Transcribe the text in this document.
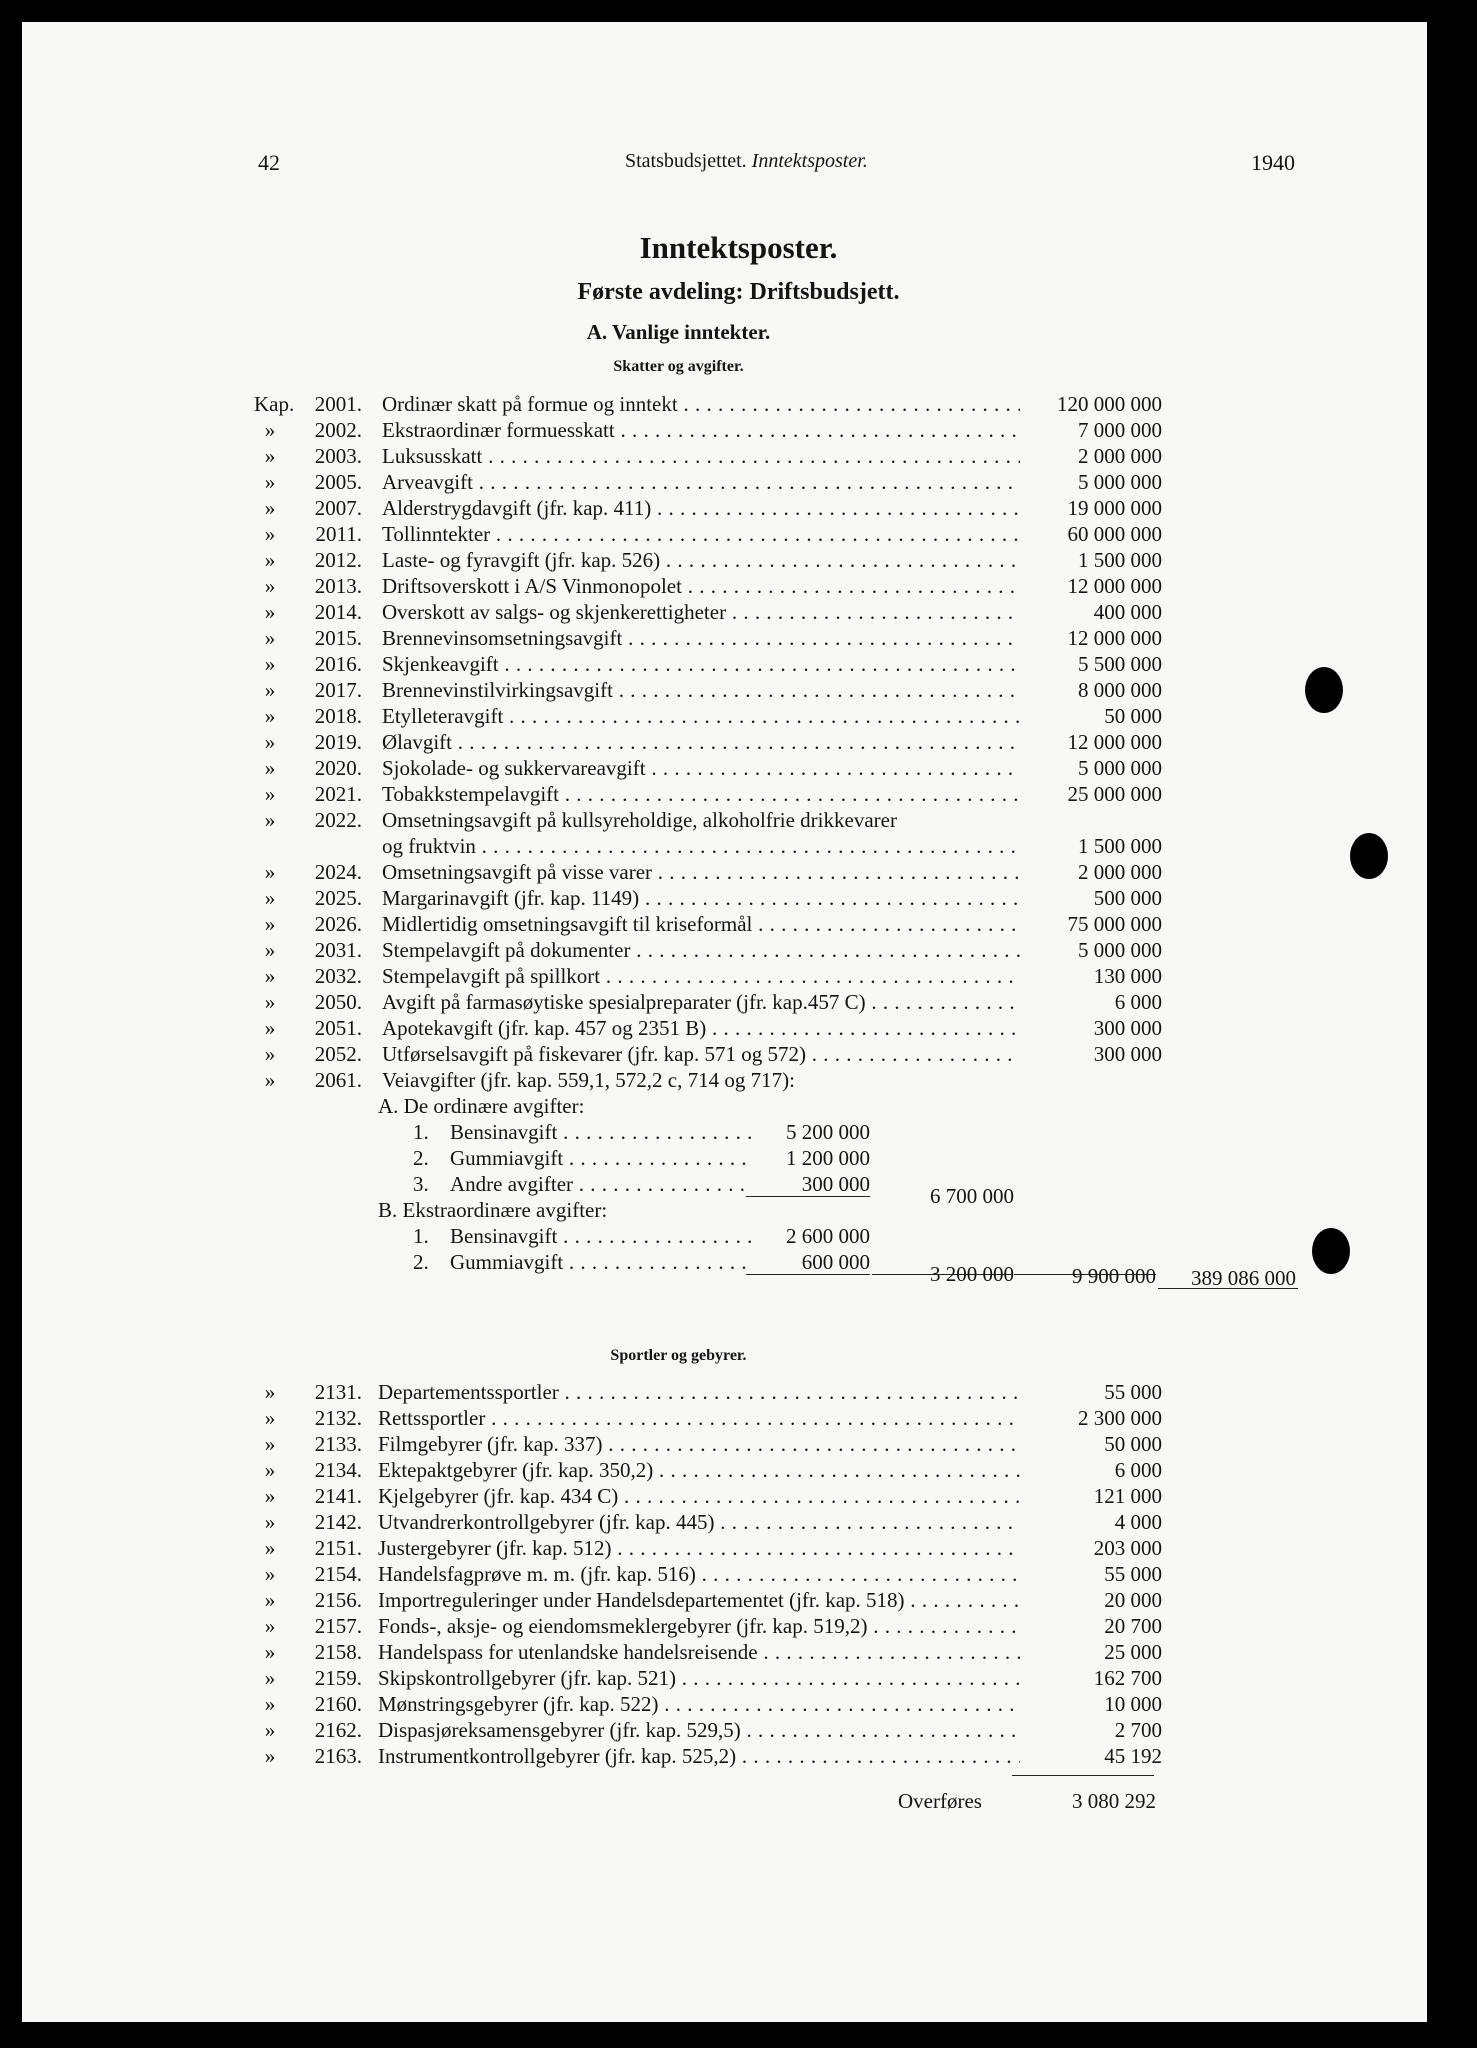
42	Statsbudsjettet. Inntektsposter.	1940
Inntektsposter.
Første avdeling: Driftsbudsjett.
A. Vanlige inntekter.
Skatter og avgifter.
Kap. 2001. Ordinær skatt på formue og inntekt . . .	120 000 000
»	2002. Ekstraordinær formuesskatt . . .	7 000 000
»	2003. Luksusskatt . . .	2 000 000
»	2005. Arveavgift . . .	5 000 000
»	2007. Alderstrygdavgift (jfr. kap. 411) . . .	19 000 000
»	2011. Tollinntekter . . .	60 000 000
»	2012. Laste- og fyravgift (jfr. kap. 526) . . .	1 500 000
»	2013. Driftsoverskott i A/S Vinmonopolet . . .	12 000 000
»	2014. Overskott av salgs- og skjenkerettigheter . . .	400 000
»	2015. Brennevinsomsetningsavgift . . .	12 000 000
»	2016. Skjenkeavgift . . .	5 500 000
»	2017. Brennevinstilvirkingsavgift . . .	8 000 000
»	2018. Etylleteravgift . . .	50 000
»	2019. Ølavgift . . .	12 000 000
»	2020. Sjokolade- og sukkervareavgift . . .	5 000 000
»	2021. Tobakkstempelavgift . . .	25 000 000
»	2022. Omsetningsavgift på kullsyreholdige, alkoholfrie drikkevarer
og fruktvin . . .	1 500 000
»	2024. Omsetningsavgift på visse varer . . .	2 000 000
»	2025. Margarinavgift (jfr. kap. 1149) . . .	500 000
»	2026. Midlertidig omsetningsavgift til kriseformål . . .	75 000 000
»	2031. Stempelavgift på dokumenter . . .	5 000 000
»	2032. Stempelavgift på spillkort . . .	130 000
»	2050. Avgift på farmasøytiske spesialpreparater (jfr. kap.457 C) . . .	6 000
»	2051. Apotekavgift (jfr. kap. 457 og 2351 B) . . .	300 000
»	2052. Utførselsavgift på fiskevarer (jfr. kap. 571 og 572) . . .	300 000
»	2061. Veiavgifter (jfr. kap. 559,1, 572,2 c, 714 og 717):
A. De ordinære avgifter:
1. Bensinavgift . . .	5 200 000
2. Gummiavgift . . .	1 200 000
3. Andre avgifter . . .	300 000	6 700 000
B. Ekstraordinære avgifter:
1. Bensinavgift . . .	2 600 000
2. Gummiavgift . . .	600 000	3 200 000	9 900 000	389 086 000
Sportler og gebyrer.
»	2131. Departementssportler . . .	55 000
»	2132. Rettssportler . . .	2 300 000
»	2133. Filmgebyrer (jfr. kap. 337) . . .	50 000
»	2134. Ektepaktgebyrer (jfr. kap. 350,2) . . .	6 000
»	2141. Kjelgebyrer (jfr. kap. 434 C) . . .	121 000
»	2142. Utvandrerkontrollgebyrer (jfr. kap. 445) . . .	4 000
»	2151. Justergebyrer (jfr. kap. 512) . . .	203 000
»	2154. Handelsfagprøve m. m. (jfr. kap. 516) . . .	55 000
»	2156. Importreguleringer under Handelsdepartementet (jfr. kap. 518) . . .	20 000
»	2157. Fonds-, aksje- og eiendomsmeklergebyrer (jfr. kap. 519,2) . . .	20 700
»	2158. Handelspass for utenlandske handelsreisende . . .	25 000
»	2159. Skipskontrollgebyrer (jfr. kap. 521) . . .	162 700
»	2160. Mønstringsgebyrer (jfr. kap. 522) . . .	10 000
»	2162. Dispasjøreksamensgebyrer (jfr. kap. 529,5) . . .	2 700
»	2163. Instrumentkontrollgebyrer (jfr. kap. 525,2) . . .	45 192
Overføres	3 080 292
